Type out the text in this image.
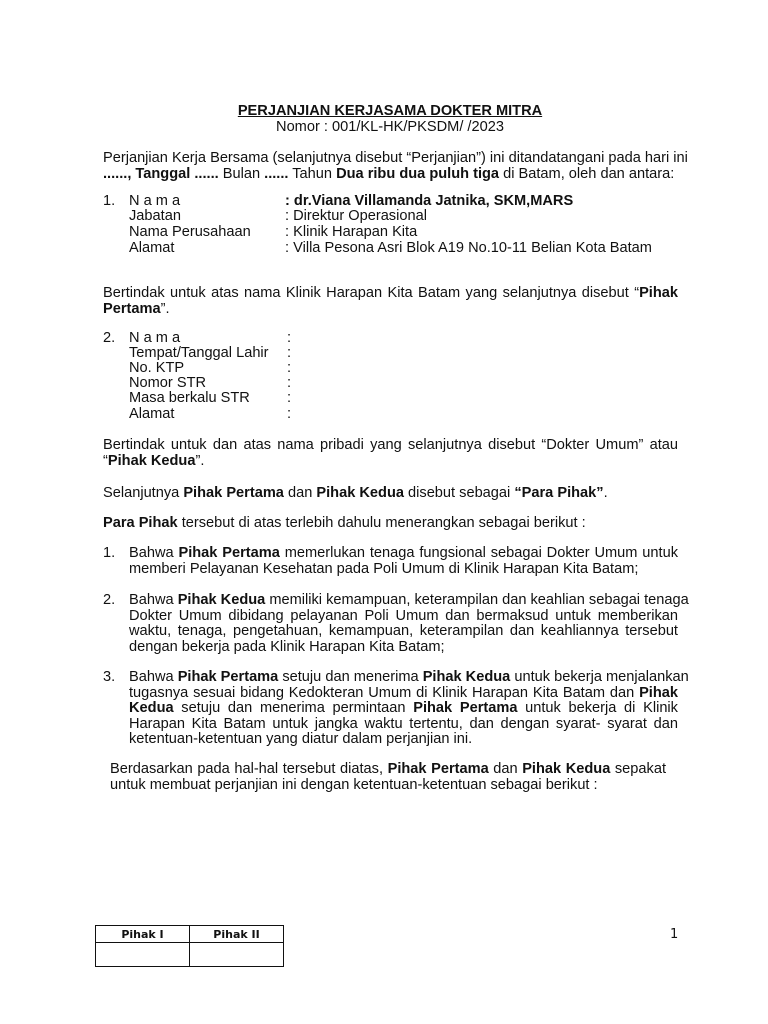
PERJANJIAN KERJASAMA DOKTER MITRA
Nomor : 001/KL-HK/PKSDM/ /2023
Pihak I	Pihak II
		1
Perjanjian Kerja Bersama (selanjutnya disebut “Perjanjian”) ini ditandatangani pada hari ini
......, Tanggal ...... Bulan ...... Tahun Dua ribu dua puluh tiga di Batam, oleh dan antara:
Bertindak untuk atas nama Klinik Harapan Kita Batam yang selanjutnya disebut “Pihak
Pertama”.
Bertindak untuk dan atas nama pribadi yang selanjutnya disebut “Dokter Umum” atau
“Pihak Kedua”.
Selanjutnya Pihak Pertama dan Pihak Kedua disebut sebagai “Para Pihak”.
Para Pihak tersebut di atas terlebih dahulu menerangkan sebagai berikut :
Bahwa Pihak Pertama memerlukan tenaga fungsional sebagai Dokter Umum untuk
memberi Pelayanan Kesehatan pada Poli Umum di Klinik Harapan Kita Batam;
Bahwa Pihak Kedua memiliki kemampuan, keterampilan dan keahlian sebagai tenaga
Dokter Umum dibidang pelayanan Poli Umum dan bermaksud untuk memberikan
waktu, tenaga, pengetahuan, kemampuan, keterampilan dan keahliannya tersebut
dengan bekerja pada Klinik Harapan Kita Batam;
Bahwa Pihak Pertama setuju dan menerima Pihak Kedua untuk bekerja menjalankan
tugasnya sesuai bidang Kedokteran Umum di Klinik Harapan Kita Batam dan Pihak
Kedua setuju dan menerima permintaan Pihak Pertama untuk bekerja di Klinik
Harapan Kita Batam untuk jangka waktu tertentu, dan dengan syarat- syarat dan
ketentuan-ketentuan yang diatur dalam perjanjian ini.
Berdasarkan pada hal-hal tersebut diatas, Pihak Pertama dan Pihak Kedua sepakat
untuk membuat perjanjian ini dengan ketentuan-ketentuan sebagai berikut :
1.
2.
1.
2.
3.
N a m a	: dr.Viana Villamanda Jatnika, SKM,MARS
Jabatan	: Direktur Operasional
Nama Perusahaan : Klinik Harapan Kita
Alamat	: Villa Pesona Asri Blok A19 No.10-11 Belian Kota Batam
N a m a	:
Tempat/Tanggal Lahir :
No. KTP	:
Nomor STR	:
Masa berkalu STR	:
Alamat	:
